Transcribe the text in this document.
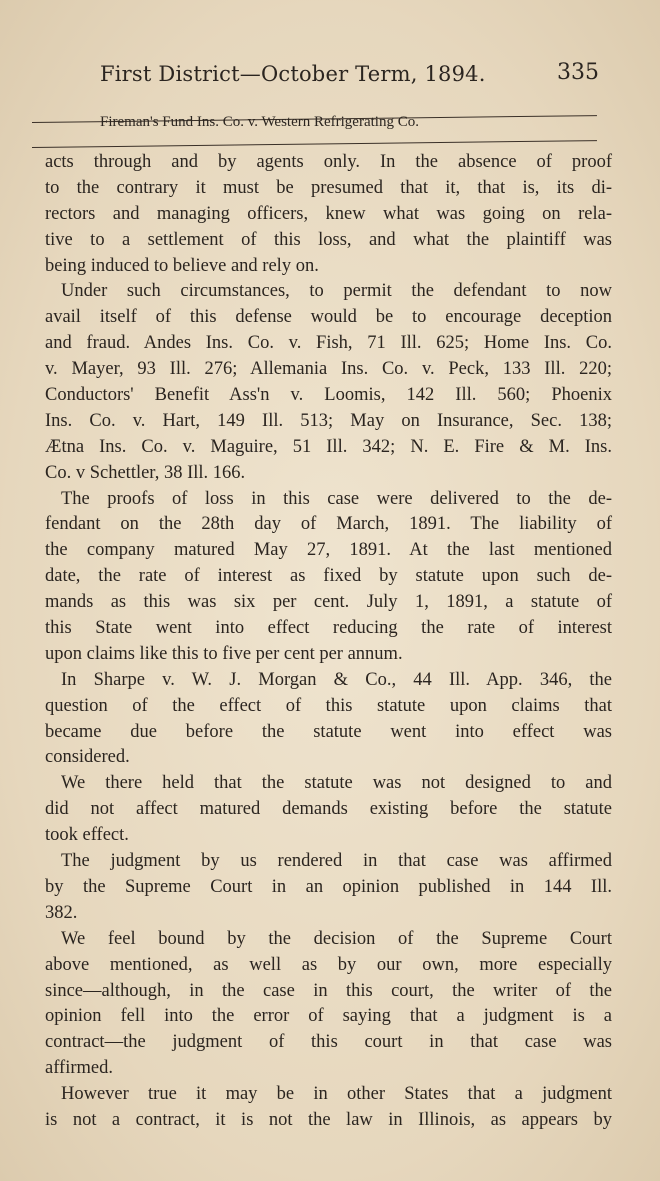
First District—October Term, 1894.	335
Fireman's Fund Ins. Co. v. Western Refrigerating Co.
acts through and by agents only. In the absence of proof
to the contrary it must be presumed that it, that is, its di-
rectors and managing officers, knew what was going on rela-
tive to a settlement of this loss, and what the plaintiff was
being induced to believe and rely on.
Under such circumstances, to permit the defendant to now
avail itself of this defense would be to encourage deception
and fraud. Andes Ins. Co. v. Fish, 71 Ill. 625; Home Ins. Co.
v. Mayer, 93 Ill. 276; Allemania Ins. Co. v. Peck, 133 Ill. 220;
Conductors' Benefit Ass'n v. Loomis, 142 Ill. 560; Phoenix
Ins. Co. v. Hart, 149 Ill. 513; May on Insurance, Sec. 138;
Ætna Ins. Co. v. Maguire, 51 Ill. 342; N. E. Fire & M. Ins.
Co. v Schettler, 38 Ill. 166.
The proofs of loss in this case were delivered to the de-
fendant on the 28th day of March, 1891. The liability of
the company matured May 27, 1891. At the last mentioned
date, the rate of interest as fixed by statute upon such de-
mands as this was six per cent. July 1, 1891, a statute of
this State went into effect reducing the rate of interest
upon claims like this to five per cent per annum.
In Sharpe v. W. J. Morgan & Co., 44 Ill. App. 346, the
question of the effect of this statute upon claims that
became due before the statute went into effect was
considered.
We there held that the statute was not designed to and
did not affect matured demands existing before the statute
took effect.
The judgment by us rendered in that case was affirmed
by the Supreme Court in an opinion published in 144 Ill.
382.
We feel bound by the decision of the Supreme Court
above mentioned, as well as by our own, more especially
since—although, in the case in this court, the writer of the
opinion fell into the error of saying that a judgment is a
contract—the judgment of this court in that case was
affirmed.
However true it may be in other States that a judgment
is not a contract, it is not the law in Illinois, as appears by
